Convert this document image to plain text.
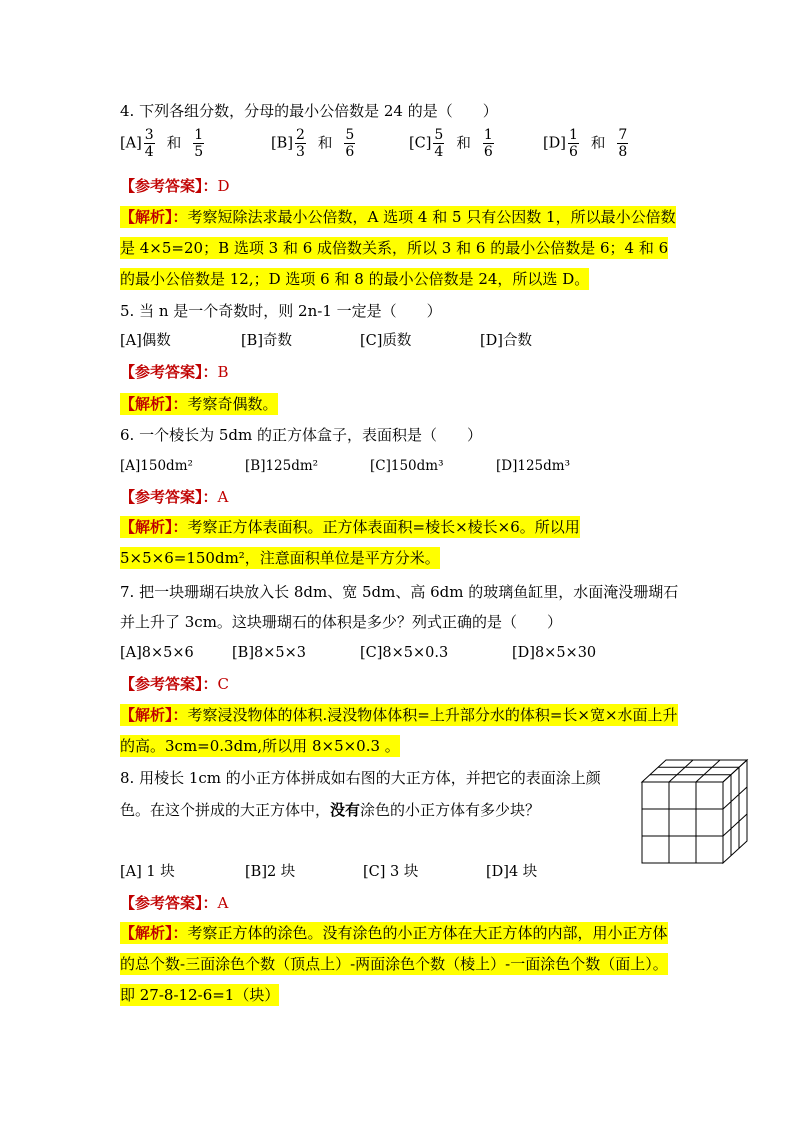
4. 下列各组分数，分母的最小公倍数是 24 的是（　　）
$[A] \frac{3}{4}$ 和 $\frac{1}{5}$	$[B] \frac{2}{3}$ 和 $\frac{5}{6}$	$[C] \frac{5}{4}$ 和 $\frac{1}{6}$	$[D] \frac{1}{6}$ 和 $\frac{7}{8}$
【参考答案】：D
【解析】：考察短除法求最小公倍数，A 选项 4 和 5 只有公因数 1，所以最小公倍数是 4×5=20；B 选项 3 和 6 成倍数关系，所以 3 和 6 的最小公倍数是 6；4 和 6 的最小公倍数是 12,；D 选项 6 和 8 的最小公倍数是 24，所以选 D。
5. 当 n 是一个奇数时，则 2n-1 一定是（　　）
[A]偶数	[B]奇数	[C]质数	[D]合数
【参考答案】：B
【解析】：考察奇偶数。
6. 一个棱长为 5dm 的正方体盒子，表面积是（　　）
[A]150dm²	[B]125dm²	[C]150dm³	[D]125dm³
【参考答案】：A
【解析】：考察正方体表面积。正方体表面积=棱长×棱长×6。所以用 5×5×6=150dm²，注意面积单位是平方分米。
7. 把一块珊瑚石块放入长 8dm、宽 5dm、高 6dm 的玻璃鱼缸里，水面淹没珊瑚石
并上升了 3cm。这块珊瑚石的体积是多少？列式正确的是（　　）
[A]8×5×6	[B]8×5×3	[C]8×5×0.3	[D]8×5×30
【参考答案】：C
【解析】：考察浸没物体的体积.浸没物体体积=上升部分水的体积=长×宽×水面上升的高。3cm=0.3dm,所以用 8×5×0.3 。
8. 用棱长 1cm 的小正方体拼成如右图的大正方体，并把它的表面涂上颜
色。在这个拼成的大正方体中，没有涂色的小正方体有多少块？
[A] 1 块	[B]2 块	[C] 3 块	[D]4 块
【参考答案】：A
【解析】：考察正方体的涂色。没有涂色的小正方体在大正方体的内部，用小正方体的总个数-三面涂色个数（顶点上）-两面涂色个数（棱上）-一面涂色个数（面上）。即 27-8-12-6=1（块）
